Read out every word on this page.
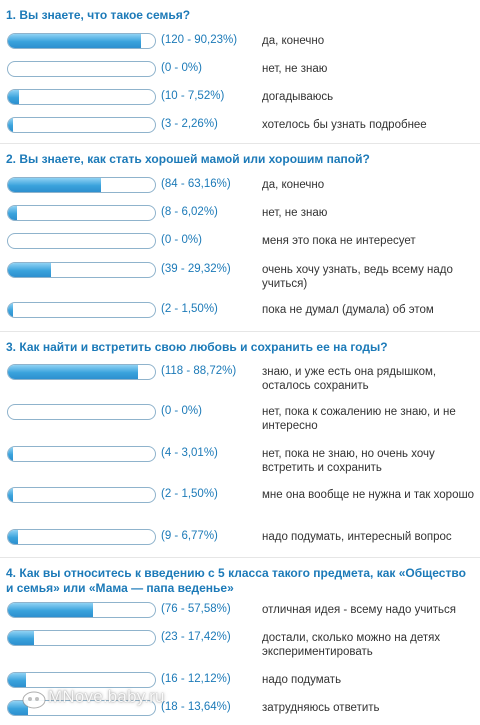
1. Вы знаете, что такое семья?
(120 - 90,23%) да, конечно
(0 - 0%)	нет, не знаю
(10 - 7,52%)	догадываюсь
(3 - 2,26%)	хотелось бы узнать подробнее
2. Вы знаете, как стать хорошей мамой или хорошим папой?
(84 - 63,16%)	да, конечно
(8 - 6,02%)	нет, не знаю
(0 - 0%)	меня это пока не интересует
(39 - 29,32%)	очень хочу узнать, ведь всему надо учиться)
(2 - 1,50%)	пока не думал (думала) об этом
3. Как найти и встретить свою любовь и сохранить ее на годы?
(118 - 88,72%) знаю, и уже есть она рядышком, осталось сохранить
(0 - 0%)	нет, пока к сожалению не знаю, и не интересно
(4 - 3,01%)	нет, пока не знаю, но очень хочу встретить и сохранить
(2 - 1,50%)	мне она вообще не нужна и так хорошо
(9 - 6,77%)	надо подумать, интересный вопрос
4. Как вы относитесь к введению с 5 класса такого предмета, как «Общество и семья» или «Мама — папа веденье»
(76 - 57,58%)	отличная идея - всему надо учиться
(23 - 17,42%)	достали, сколько можно на детях экспериментировать
(16 - 12,12%)	надо подумать
(18 - 13,64%)	затрудняюсь ответить
MNove.baby.ru
